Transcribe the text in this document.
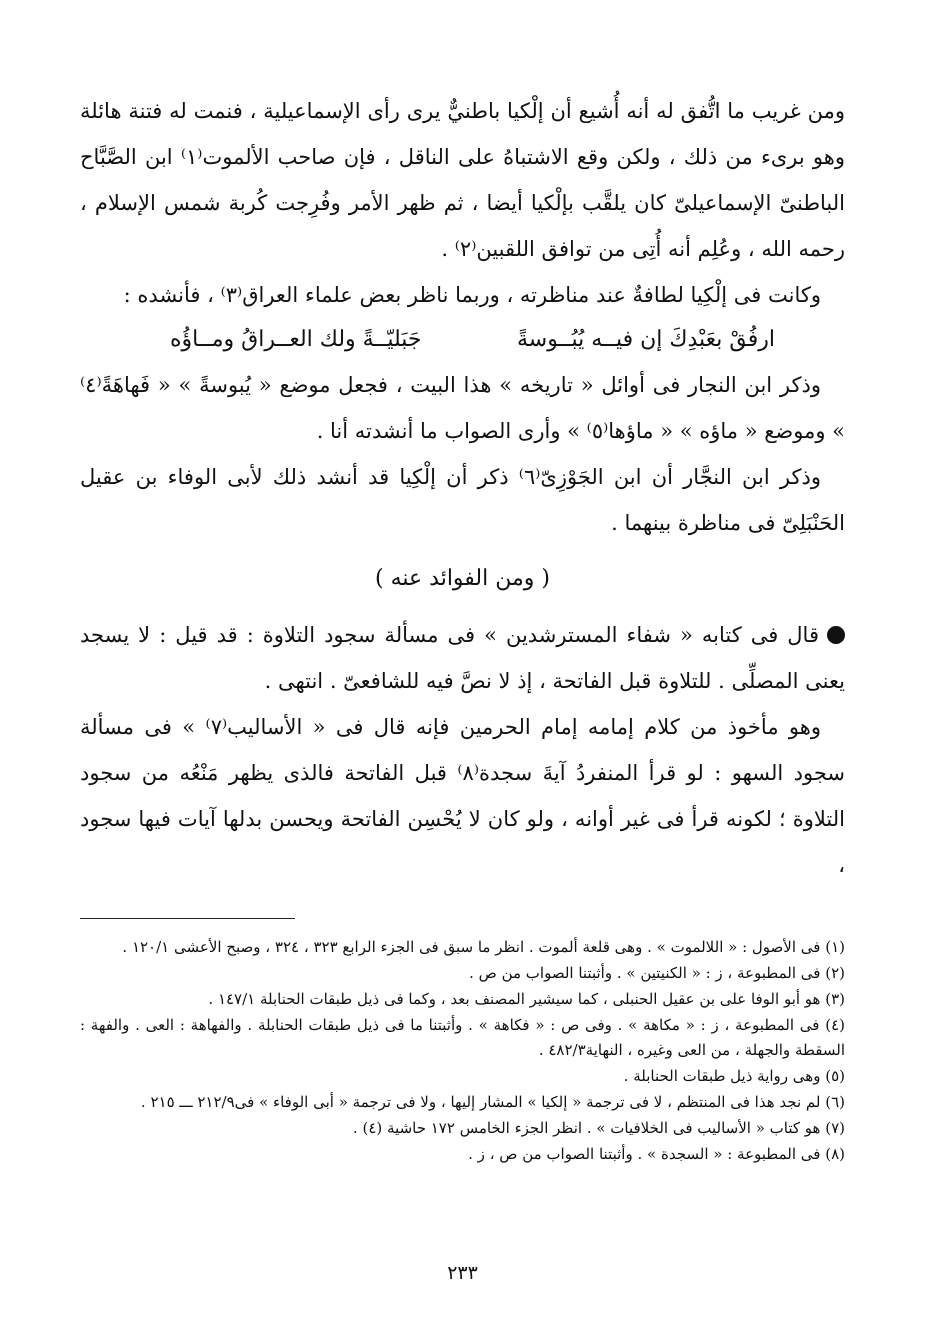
ومن غريب ما اتُّفق له أنه أُشيع أن إلْكيا باطنيٌّ يرى رأى الإسماعيلية ، فنمت له فتنة هائلة وهو برىء من ذلك ، ولكن وقع الاشتباهُ على الناقل ، فإن صاحب الألموت⁽١⁾ ابن الصَّبَّاح الباطنىّ الإسماعيلىّ كان يلقَّب بإلْكيا أيضا ، ثم ظهر الأمر وفُرِجت كُربة شمس الإسلام ، رحمه الله ، وعُلِم أنه أُتِى من توافق اللقبين⁽٢⁾ .

وكانت فى إلْكِيا لطافةٌ عند مناظرته ، وربما ناظر بعض علماء العراق⁽٣⁾ ، فأنشده :

ارفُقْ بعَبْدِكَ إن فيــه يُبُــوسةً
جَبَليّــةً ولك العــراقُ ومــاؤُه

وذكر ابن النجار فى أوائل « تاريخه » هذا البيت ، فجعل موضع « يُبوسةً » « فَهاهَةً⁽٤⁾ » وموضع « ماؤه » « ماؤها⁽٥⁾ » وأرى الصواب ما أنشدته أنا .

وذكر ابن النجَّار أن ابن الجَوْزِىّ⁽٦⁾ ذكر أن إلْكِيا قد أنشد ذلك لأبى الوفاء بن عقيل الحَنْبَلِىّ فى مناظرة بينهما .

( ومن الفوائد عنه )

قال فى كتابه « شفاء المسترشدين » فى مسألة سجود التلاوة : قد قيل : لا يسجد يعنى المصلِّى . للتلاوة قبل الفاتحة ، إذ لا نصَّ فيه للشافعىّ . انتهى .

وهو مأخوذ من كلام إمامه إمام الحرمين فإنه قال فى « الأساليب⁽٧⁾ » فى مسألة سجود السهو : لو قرأ المنفردُ آيةَ سجدة⁽٨⁾ قبل الفاتحة فالذى يظهر مَنْعُه من سجود التلاوة ؛ لكونه قرأ فى غير أوانه ، ولو كان لا يُحْسِن الفاتحة ويحسن بدلها آيات فيها سجود ،

(١) فى الأصول : « اللالموت » . وهى قلعة ألموت . انظر ما سبق فى الجزء الرابع ٣٢٣ ، ٣٢٤ ، وصبح الأعشى ١٢٠/١ .

(٢) فى المطبوعة ، ز : « الكنيتين » . وأثبتنا الصواب من ص .

(٣) هو أبو الوفا على بن عقيل الحنبلى ، كما سيشير المصنف بعد ، وكما فى ذيل طبقات الحنابلة ١٤٧/١ .

(٤) فى المطبوعة ، ز : « مكاهة » . وفى ص : « فكاهة » . وأثبتنا ما فى ذيل طبقات الحنابلة . والفهاهة : العى . والفهة : السقطة والجهلة ، من العى وغيره ، النهاية٤٨٢/٣ .

(٥) وهى رواية ذيل طبقات الحنابلة .

(٦) لم نجد هذا فى المنتظم ، لا فى ترجمة « إلكيا » المشار إليها ، ولا فى ترجمة « أبى الوفاء » فى٢١٢/٩ ـــ ٢١٥ .

(٧) هو كتاب « الأساليب فى الخلافيات » . انظر الجزء الخامس ١٧٢ حاشية (٤) .

(٨) فى المطبوعة : « السجدة » . وأثبتنا الصواب من ص ، ز .

٢٣٣
